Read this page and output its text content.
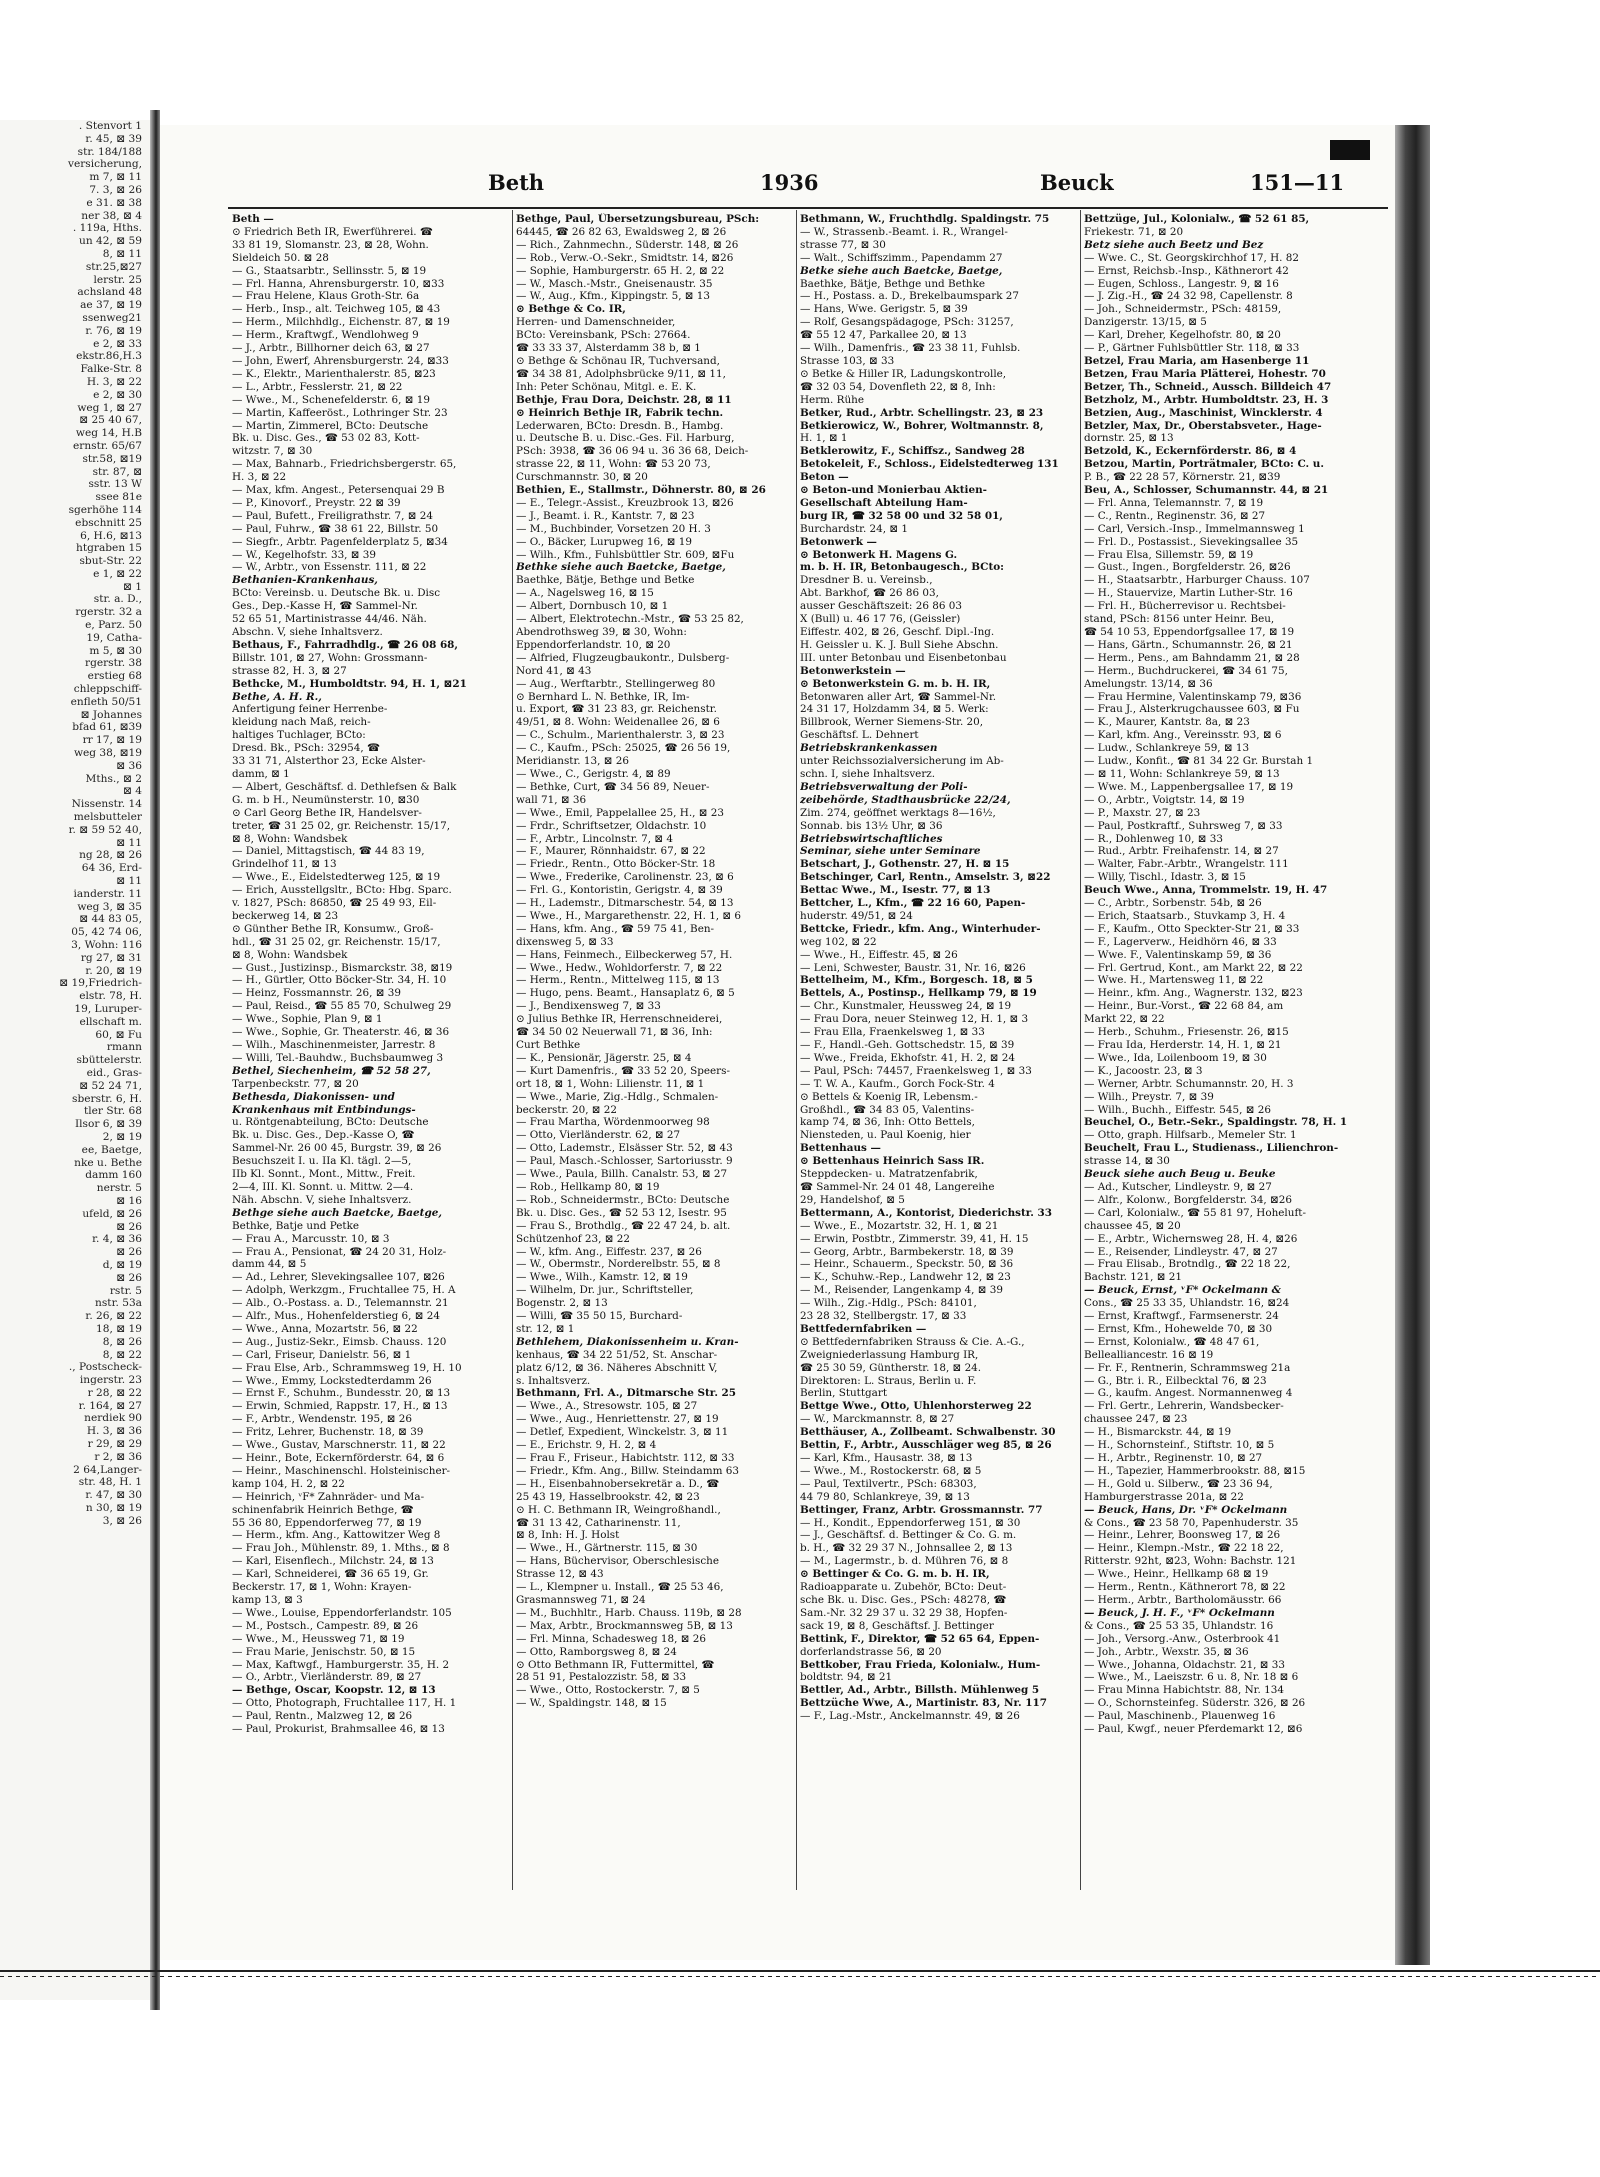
. Stenvort 1
r. 45, ⊠ 39
str. 184/188
versicherung,
m 7, ⊠ 11
7. 3, ⊠ 26
e 31. ⊠ 38
ner 38, ⊠ 4
. 119a, Hths.
un 42, ⊠ 59
8, ⊠ 11
str.25,⊠27
lerstr. 25
achsland 48
ae 37, ⊠ 19
ssenweg21
r. 76, ⊠ 19
e 2, ⊠ 33
ekstr.86,H.3
Falke-Str. 8
H. 3, ⊠ 22
e 2, ⊠ 30
weg 1, ⊠ 27
⊠ 25 40 67,
weg 14, H.B
ernstr. 65/67
str.58, ⊠19
str. 87, ⊠
sstr. 13 W
ssee 81e
sgerhöhe 114
ebschnitt 25
6, H.6, ⊠13
htgraben 15
sbut-Str. 22
e 1, ⊠ 22
⊠ 1
str. a. D.,
rgerstr. 32 a
e, Parz. 50
19, Catha-
m 5, ⊠ 30
rgerstr. 38
erstieg 68
chleppschiff-
enfleth 50/51
⊠ Johannes
bfad 61, ⊠39
rr 17, ⊠ 19
weg 38, ⊠19
⊠ 36
Mths., ⊠ 2
⊠ 4
Nissenstr. 14
melsbutteler
r. ⊠ 59 52 40,
⊠ 11
ng 28, ⊠ 26
64 36, Erd-
⊠ 11
ianderstr. 11
weg 3, ⊠ 35
⊠ 44 83 05,
05, 42 74 06,
3, Wohn: 116
rg 27, ⊠ 31
r. 20, ⊠ 19
⊠ 19,Friedrich-
elstr. 78, H.
19, Luruper-
ellschaft m.
60, ⊠ Fu
rmann
sbüttelerstr.
eid., Gras-
⊠ 52 24 71,
sberstr. 6, H.
tler Str. 68
Ilsor 6, ⊠ 39
2, ⊠ 19
ee, Baetge,
nke u. Bethe
damm 160
nerstr. 5
⊠ 16
ufeld, ⊠ 26
⊠ 26
r. 4, ⊠ 36
⊠ 26
d, ⊠ 19
⊠ 26
rstr. 5
nstr. 53a
r. 26, ⊠ 22
18, ⊠ 19
8, ⊠ 26
8, ⊠ 22
., Postscheck-
ingerstr. 23
r 28, ⊠ 22
r. 164, ⊠ 27
nerdiek 90
H. 3, ⊠ 36
r 29, ⊠ 29
r 2, ⊠ 36
2 64,Langer-
str. 48, H. 1
r. 47, ⊠ 30
n 30, ⊠ 19
3, ⊠ 26
Beth	1936	Beuck	151—11
Beth —
⊙ Friedrich Beth IR, Ewerführerei. ☎
33 81 19, Slomanstr. 23, ⊠ 28, Wohn.
Sieldeich 50. ⊠ 28
— G., Staatsarbtr., Sellinsstr. 5, ⊠ 19
— Frl. Hanna, Ahrensburgerstr. 10, ⊠33
— Frau Helene, Klaus Groth-Str. 6a
— Herb., Insp., alt. Teichweg 105, ⊠ 43
— Herm., Milchhdlg., Eichenstr. 87, ⊠ 19
— Herm., Kraftwgf., Wendlohweg 9
— J., Arbtr., Billhorner deich 63, ⊠ 27
— John, Ewerf, Ahrensburgerstr. 24, ⊠33
— K., Elektr., Marienthalerstr. 85, ⊠23
— L., Arbtr., Fesslerstr. 21, ⊠ 22
— Wwe., M., Schenefelderstr. 6, ⊠ 19
— Martin, Kaffeeröst., Lothringer Str. 23
— Martin, Zimmerel, BCto: Deutsche
Bk. u. Disc. Ges., ☎ 53 02 83, Kott-
witzstr. 7, ⊠ 30
— Max, Bahnarb., Friedrichsbergerstr. 65,
H. 3, ⊠ 22
— Max, kfm. Angest., Petersenquai 29 B
— P., Kinovorf., Preystr. 22 ⊠ 39
— Paul, Bufett., Freiligrathstr. 7, ⊠ 24
— Paul, Fuhrw., ☎ 38 61 22, Billstr. 50
— Siegfr., Arbtr. Pagenfelderplatz 5, ⊠34
— W., Kegelhofstr. 33, ⊠ 39
— W., Arbtr., von Essenstr. 111, ⊠ 22
Bethanien-Krankenhaus,
BCto: Vereinsb. u. Deutsche Bk. u. Disc
Ges., Dep.-Kasse H, ☎ Sammel-Nr.
52 65 51, Martinistrasse 44/46. Näh.
Abschn. V, siehe Inhaltsverz.
Bethaus, F., Fahrradhdlg., ☎ 26 08 68,
Billstr. 101, ⊠ 27, Wohn: Grossmann-
strasse 82, H. 3, ⊠ 27
Bethcke, M., Humboldtstr. 94, H. 1, ⊠21
Bethe, A. H. R.,
Anfertigung feiner Herrenbe-
kleidung nach Maß, reich-
haltiges Tuchlager, BCto:
Dresd. Bk., PSch: 32954, ☎
33 31 71, Alsterthor 23, Ecke Alster-
damm, ⊠ 1
— Albert, Geschäftsf. d. Dethlefsen & Balk
G. m. b H., Neumünsterstr. 10, ⊠30
⊙ Carl Georg Bethe IR, Handelsver-
treter, ☎ 31 25 02, gr. Reichenstr. 15/17,
⊠ 8, Wohn: Wandsbek
— Daniel, Mittagstisch, ☎ 44 83 19,
Grindelhof 11, ⊠ 13
— Wwe., E., Eidelstedterweg 125, ⊠ 19
— Erich, Ausstellgsltr., BCto: Hbg. Sparc.
v. 1827, PSch: 86850, ☎ 25 49 93, Eil-
beckerweg 14, ⊠ 23
⊙ Günther Bethe IR, Konsumw., Groß-
hdl., ☎ 31 25 02, gr. Reichenstr. 15/17,
⊠ 8, Wohn: Wandsbek
— Gust., Justizinsp., Bismarckstr. 38, ⊠19
— H., Gürtler, Otto Böcker-Str. 34, H. 10
— Heinz, Fossmannstr. 26, ⊠ 39
— Paul, Reisd., ☎ 55 85 70, Schulweg 29
— Wwe., Sophie, Plan 9, ⊠ 1
— Wwe., Sophie, Gr. Theaterstr. 46, ⊠ 36
— Wilh., Maschinenmeister, Jarrestr. 8
— Willi, Tel.-Bauhdw., Buchsbaumweg 3
Bethel, Siechenheim, ☎ 52 58 27,
Tarpenbeckstr. 77, ⊠ 20
Bethesda, Diakonissen- und
Krankenhaus mit Entbindungs-
u. Röntgenabteilung, BCto: Deutsche
Bk. u. Disc. Ges., Dep.-Kasse O, ☎
Sammel-Nr. 26 00 45, Burgstr. 39, ⊠ 26
Besuchszeit I. u. IIa Kl. tägl. 2—5,
IIb Kl. Sonnt., Mont., Mittw., Freit.
2—4, III. Kl. Sonnt. u. Mittw. 2—4.
Näh. Abschn. V, siehe Inhaltsverz.
Bethge siehe auch Baetcke, Baetge,
Bethke, Batje und Petke
— Frau A., Marcusstr. 10, ⊠ 3
— Frau A., Pensionat, ☎ 24 20 31, Holz-
damm 44, ⊠ 5
— Ad., Lehrer, Slevekingsallee 107, ⊠26
— Adolph, Werkzgm., Fruchtallee 75, H. A
— Alb., O.-Postass. a. D., Telemannstr. 21
— Alfr., Mus., Hohenfelderstieg 6, ⊠ 24
— Wwe., Anna, Mozartstr. 56, ⊠ 22
— Aug., Justiz-Sekr., Eimsb. Chauss. 120
— Carl, Friseur, Danielstr. 56, ⊠ 1
— Frau Else, Arb., Schrammsweg 19, H. 10
— Wwe., Emmy, Lockstedterdamm 26
— Ernst F., Schuhm., Bundesstr. 20, ⊠ 13
— Erwin, Schmied, Rappstr. 17, H., ⊠ 13
— F., Arbtr., Wendenstr. 195, ⊠ 26
— Fritz, Lehrer, Buchenstr. 18, ⊠ 39
— Wwe., Gustav, Marschnerstr. 11, ⊠ 22
— Heinr., Bote, Eckernförderstr. 64, ⊠ 6
— Heinr., Maschinenschl. Holsteinischer-
kamp 104, H. 2, ⊠ 22
— Heinrich, ᵛF* Zahnräder- und Ma-
schinenfabrik Heinrich Bethge, ☎
55 36 80, Eppendorferweg 77, ⊠ 19
— Herm., kfm. Ang., Kattowitzer Weg 8
— Frau Joh., Mühlenstr. 89, 1. Mths., ⊠ 8
— Karl, Eisenflech., Milchstr. 24, ⊠ 13
— Karl, Schneiderei, ☎ 36 65 19, Gr.
Beckerstr. 17, ⊠ 1, Wohn: Krayen-
kamp 13, ⊠ 3
— Wwe., Louise, Eppendorferlandstr. 105
— M., Postsch., Campestr. 89, ⊠ 26
— Wwe., M., Heussweg 71, ⊠ 19
— Frau Marie, Jenischstr. 50, ⊠ 15
— Max, Kaftwgf., Hamburgerstr. 35, H. 2
— O., Arbtr., Vierländerstr. 89, ⊠ 27
— Bethge, Oscar, Koopstr. 12, ⊠ 13
— Otto, Photograph, Fruchtallee 117, H. 1
— Paul, Rentn., Malzweg 12, ⊠ 26
— Paul, Prokurist, Brahmsallee 46, ⊠ 13
Bethge, Paul, Übersetzungsbureau, PSch:
64445, ☎ 26 82 63, Ewaldsweg 2, ⊠ 26
— Rich., Zahnmechn., Süderstr. 148, ⊠ 26
— Rob., Verw.-O.-Sekr., Smidtstr. 14, ⊠26
— Sophie, Hamburgerstr. 65 H. 2, ⊠ 22
— W., Masch.-Mstr., Gneisenaustr. 35
— W., Aug., Kfm., Kippingstr. 5, ⊠ 13
⊙ Bethge & Co. IR,
Herren- und Damenschneider,
BCto: Vereinsbank, PSch: 27664.
☎ 33 33 37, Alsterdamm 38 b, ⊠ 1
⊙ Bethge & Schönau IR, Tuchversand,
☎ 34 38 81, Adolphsbrücke 9/11, ⊠ 11,
Inh: Peter Schönau, Mitgl. e. E. K.
Bethje, Frau Dora, Deichstr. 28, ⊠ 11
⊙ Heinrich Bethje IR, Fabrik techn.
Lederwaren, BCto: Dresdn. B., Hambg.
u. Deutsche B. u. Disc.-Ges. Fil. Harburg,
PSch: 3938, ☎ 36 06 94 u. 36 36 68, Deich-
strasse 22, ⊠ 11, Wohn: ☎ 53 20 73,
Curschmannstr. 30, ⊠ 20
Bethien, E., Stallmstr., Döhnerstr. 80, ⊠ 26
— E., Telegr.-Assist., Kreuzbrook 13, ⊠26
— J., Beamt. i. R., Kantstr. 7, ⊠ 23
— M., Buchbinder, Vorsetzen 20 H. 3
— O., Bäcker, Lurupweg 16, ⊠ 19
— Wilh., Kfm., Fuhlsbüttler Str. 609, ⊠Fu
Bethke siehe auch Baetcke, Baetge,
Baethke, Bätje, Bethge und Betke
— A., Nagelsweg 16, ⊠ 15
— Albert, Dornbusch 10, ⊠ 1
— Albert, Elektrotechn.-Mstr., ☎ 53 25 82,
Abendrothsweg 39, ⊠ 30, Wohn:
Eppendorferlandstr. 10, ⊠ 20
— Alfried, Flugzeugbaukontr., Dulsberg-
Nord 41, ⊠ 43
— Aug., Werftarbtr., Stellingerweg 80
⊙ Bernhard L. N. Bethke, IR, Im-
u. Export, ☎ 31 23 83, gr. Reichenstr.
49/51, ⊠ 8. Wohn: Weidenallee 26, ⊠ 6
— C., Schulm., Marienthalerstr. 3, ⊠ 23
— C., Kaufm., PSch: 25025, ☎ 26 56 19,
Meridianstr. 13, ⊠ 26
— Wwe., C., Gerigstr. 4, ⊠ 89
— Bethke, Curt, ☎ 34 56 89, Neuer-
wall 71, ⊠ 36
— Wwe., Emil, Pappelallee 25, H., ⊠ 23
— Frdr., Schriftsetzer, Oldachstr. 10
— F., Arbtr., Lincolnstr. 7, ⊠ 4
— F., Maurer, Rönnhaidstr. 67, ⊠ 22
— Friedr., Rentn., Otto Böcker-Str. 18
— Wwe., Frederike, Carolinenstr. 23, ⊠ 6
— Frl. G., Kontoristin, Gerigstr. 4, ⊠ 39
— H., Lademstr., Ditmarschestr. 54, ⊠ 13
— Wwe., H., Margarethenstr. 22, H. 1, ⊠ 6
— Hans, kfm. Ang., ☎ 59 75 41, Ben-
dixensweg 5, ⊠ 33
— Hans, Feinmech., Eilbeckerweg 57, H.
— Wwe., Hedw., Wohldorferstr. 7, ⊠ 22
— Herm., Rentn., Mittelweg 115, ⊠ 13
— Hugo, pens. Beamt., Hansaplatz 6, ⊠ 5
— J., Bendixensweg 7, ⊠ 33
⊙ Julius Bethke IR, Herrenschneiderei,
☎ 34 50 02 Neuerwall 71, ⊠ 36, Inh:
Curt Bethke
— K., Pensionär, Jägerstr. 25, ⊠ 4
— Kurt Damenfris., ☎ 33 52 20, Speers-
ort 18, ⊠ 1, Wohn: Lilienstr. 11, ⊠ 1
— Wwe., Marie, Zig.-Hdlg., Schmalen-
beckerstr. 20, ⊠ 22
— Frau Martha, Wördenmoorweg 98
— Otto, Vierländerstr. 62, ⊠ 27
— Otto, Lademstr., Elsässer Str. 52, ⊠ 43
— Paul, Masch.-Schlosser, Sartoriusstr. 9
— Wwe., Paula, Billh. Canalstr. 53, ⊠ 27
— Rob., Hellkamp 80, ⊠ 19
— Rob., Schneidermstr., BCto: Deutsche
Bk. u. Disc. Ges., ☎ 52 53 12, Isestr. 95
— Frau S., Brothdlg., ☎ 22 47 24, b. alt.
Schützenhof 23, ⊠ 22
— W., kfm. Ang., Eiffestr. 237, ⊠ 26
— W., Obermstr., Norderelbstr. 55, ⊠ 8
— Wwe., Wilh., Kamstr. 12, ⊠ 19
— Wilhelm, Dr. jur., Schriftsteller,
Bogenstr. 2, ⊠ 13
— Willi, ☎ 35 50 15, Burchard-
str. 12, ⊠ 1
Bethlehem, Diakonissenheim u. Kran-
kenhaus, ☎ 34 22 51/52, St. Anschar-
platz 6/12, ⊠ 36. Näheres Abschnitt V,
s. Inhaltsverz.
Bethmann, Frl. A., Ditmarsche Str. 25
— Wwe., A., Stresowstr. 105, ⊠ 27
— Wwe., Aug., Henriettenstr. 27, ⊠ 19
— Detlef, Expedient, Winckelstr. 3, ⊠ 11
— E., Erichstr. 9, H. 2, ⊠ 4
— Frau F., Friseur., Habichtstr. 112, ⊠ 33
— Friedr., Kfm. Ang., Billw. Steindamm 63
— H., Eisenbahnobersekretär a. D., ☎
25 43 19, Hasselbrookstr. 42, ⊠ 23
⊙ H. C. Bethmann IR, Weingroßhandl.,
☎ 31 13 42, Catharinenstr. 11,
⊠ 8, Inh: H. J. Holst
— Wwe., H., Gärtnerstr. 115, ⊠ 30
— Hans, Büchervisor, Oberschlesische
Strasse 12, ⊠ 43
— L., Klempner u. Install., ☎ 25 53 46,
Grasmannsweg 71, ⊠ 24
— M., Buchhltr., Harb. Chauss. 119b, ⊠ 28
— Max, Arbtr., Brockmannsweg 5B, ⊠ 13
— Frl. Minna, Schadesweg 18, ⊠ 26
— Otto, Ramborgsweg 8, ⊠ 24
⊙ Otto Bethmann IR, Futtermittel, ☎
28 51 91, Pestalozzistr. 58, ⊠ 33
— Wwe., Otto, Rostockerstr. 7, ⊠ 5
— W., Spaldingstr. 148, ⊠ 15
Bethmann, W., Fruchthdlg. Spaldingstr. 75
— W., Strassenb.-Beamt. i. R., Wrangel-
strasse 77, ⊠ 30
— Walt., Schiffszimm., Papendamm 27
Betke siehe auch Baetcke, Baetge,
Baethke, Bätje, Bethge und Bethke
— H., Postass. a. D., Brekelbaumspark 27
— Hans, Wwe. Gerigstr. 5, ⊠ 39
— Rolf, Gesangspädagoge, PSch: 31257,
☎ 55 12 47, Parkallee 20, ⊠ 13
— Wilh., Damenfris., ☎ 23 38 11, Fuhlsb.
Strasse 103, ⊠ 33
⊙ Betke & Hiller IR, Ladungskontrolle,
☎ 32 03 54, Dovenfleth 22, ⊠ 8, Inh:
Herm. Rühe
Betker, Rud., Arbtr. Schellingstr. 23, ⊠ 23
Betkierowicz, W., Bohrer, Woltmannstr. 8,
H. 1, ⊠ 1
Betklerowitz, F., Schiffsz., Sandweg 28
Betokeleit, F., Schloss., Eidelstedterweg 131
Beton —
⊙ Beton-und Monierbau Aktien-
Gesellschaft Abteilung Ham-
burg IR, ☎ 32 58 00 und 32 58 01,
Burchardstr. 24, ⊠ 1
Betonwerk —
⊙ Betonwerk H. Magens G.
m. b. H. IR, Betonbaugesch., BCto:
Dresdner B. u. Vereinsb.,
Abt. Barkhof, ☎ 26 86 03,
ausser Geschäftszeit: 26 86 03
X (Bull) u. 46 17 76, (Geissler)
Eiffestr. 402, ⊠ 26, Geschf. Dipl.-Ing.
H. Geissler u. K. J. Bull Siehe Abschn.
III. unter Betonbau und Eisenbetonbau
Betonwerkstein —
⊙ Betonwerkstein G. m. b. H. IR,
Betonwaren aller Art, ☎ Sammel-Nr.
24 31 17, Holzdamm 34, ⊠ 5. Werk:
Billbrook, Werner Siemens-Str. 20,
Geschäftsf. L. Dehnert
Betriebskrankenkassen
unter Reichssozialversicherung im Ab-
schn. I, siehe Inhaltsverz.
Betriebsverwaltung der Poli-
zeibehörde, Stadthausbrücke 22/24,
Zim. 274, geöffnet werktags 8—16½,
Sonnab. bis 13½ Uhr, ⊠ 36
Betriebswirtschaftliches
Seminar, siehe unter Seminare
Betschart, J., Gothenstr. 27, H. ⊠ 15
Betschinger, Carl, Rentn., Amselstr. 3, ⊠22
Bettac Wwe., M., Isestr. 77, ⊠ 13
Bettcher, L., Kfm., ☎ 22 16 60, Papen-
huderstr. 49/51, ⊠ 24
Bettcke, Friedr., kfm. Ang., Winterhuder-
weg 102, ⊠ 22
— Wwe., H., Eiffestr. 45, ⊠ 26
— Leni, Schwester, Baustr. 31, Nr. 16, ⊠26
Bettelheim, M., Kfm., Borgesch. 18, ⊠ 5
Bettels, A., Postinsp., Hellkamp 79, ⊠ 19
— Chr., Kunstmaler, Heussweg 24, ⊠ 19
— Frau Dora, neuer Steinweg 12, H. 1, ⊠ 3
— Frau Ella, Fraenkelsweg 1, ⊠ 33
— F., Handl.-Geh. Gottschedstr. 15, ⊠ 39
— Wwe., Freida, Ekhofstr. 41, H. 2, ⊠ 24
— Paul, PSch: 74457, Fraenkelsweg 1, ⊠ 33
— T. W. A., Kaufm., Gorch Fock-Str. 4
⊙ Bettels & Koenig IR, Lebensm.-
Großhdl., ☎ 34 83 05, Valentins-
kamp 74, ⊠ 36, Inh: Otto Bettels,
Niensteden, u. Paul Koenig, hier
Bettenhaus —
⊙ Bettenhaus Heinrich Sass IR.
Steppdecken- u. Matratzenfabrik,
☎ Sammel-Nr. 24 01 48, Langereihe
29, Handelshof, ⊠ 5
Bettermann, A., Kontorist, Diederichstr. 33
— Wwe., E., Mozartstr. 32, H. 1, ⊠ 21
— Erwin, Postbtr., Zimmerstr. 39, 41, H. 15
— Georg, Arbtr., Barmbekerstr. 18, ⊠ 39
— Heinr., Schauerm., Speckstr. 50, ⊠ 36
— K., Schuhw.-Rep., Landwehr 12, ⊠ 23
— M., Reisender, Langenkamp 4, ⊠ 39
— Wilh., Zig.-Hdlg., PSch: 84101,
23 28 32, Stellbergstr. 17, ⊠ 33
Bettfedernfabriken —
⊙ Bettfedernfabriken Strauss & Cie. A.-G.,
Zweigniederlassung Hamburg IR,
☎ 25 30 59, Güntherstr. 18, ⊠ 24.
Direktoren: L. Straus, Berlin u. F.
Berlin, Stuttgart
Bettge Wwe., Otto, Uhlenhorsterweg 22
— W., Marckmannstr. 8, ⊠ 27
Betthäuser, A., Zollbeamt. Schwalbenstr. 30
Bettin, F., Arbtr., Ausschläger weg 85, ⊠ 26
— Karl, Kfm., Hausastr. 38, ⊠ 13
— Wwe., M., Rostockerstr. 68, ⊠ 5
— Paul, Textilvertr., PSch: 68303,
44 79 80, Schlankreye, 39, ⊠ 13
Bettinger, Franz, Arbtr. Grossmannstr. 77
— H., Kondit., Eppendorferweg 151, ⊠ 30
— J., Geschäftsf. d. Bettinger & Co. G. m.
b. H., ☎ 32 29 37 N., Johnsallee 2, ⊠ 13
— M., Lagermstr., b. d. Mühren 76, ⊠ 8
⊙ Bettinger & Co. G. m. b. H. IR,
Radioapparate u. Zubehör, BCto: Deut-
sche Bk. u. Disc. Ges., PSch: 48278, ☎
Sam.-Nr. 32 29 37 u. 32 29 38, Hopfen-
sack 19, ⊠ 8, Geschäftsf. J. Bettinger
Bettink, F., Direktor, ☎ 52 65 64, Eppen-
dorferlandstrasse 56, ⊠ 20
Bettkober, Frau Frieda, Kolonialw., Hum-
boldtstr. 94, ⊠ 21
Bettler, Ad., Arbtr., Billsth. Mühlenweg 5
Bettzüche Wwe, A., Martinistr. 83, Nr. 117
— F., Lag.-Mstr., Anckelmannstr. 49, ⊠ 26
Bettzüge, Jul., Kolonialw., ☎ 52 61 85,
Friekestr. 71, ⊠ 20
Betz siehe auch Beetz und Bez
— Wwe. C., St. Georgskirchhof 17, H. 82
— Ernst, Reichsb.-Insp., Käthnerort 42
— Eugen, Schloss., Langestr. 9, ⊠ 16
— J. Zig.-H., ☎ 24 32 98, Capellenstr. 8
— Joh., Schneidermstr., PSch: 48159,
Danzigerstr. 13/15, ⊠ 5
— Karl, Dreher, Kegelhofstr. 80, ⊠ 20
— P., Gärtner Fuhlsbüttler Str. 118, ⊠ 33
Betzel, Frau Maria, am Hasenberge 11
Betzen, Frau Maria Plätterei, Hohestr. 70
Betzer, Th., Schneid., Aussch. Billdeich 47
Betzholz, M., Arbtr. Humboldtstr. 23, H. 3
Betzien, Aug., Maschinist, Wincklerstr. 4
Betzler, Max, Dr., Oberstabsveter., Hage-
dornstr. 25, ⊠ 13
Betzold, K., Eckernförderstr. 86, ⊠ 4
Betzou, Martin, Porträtmaler, BCto: C. u.
P. B., ☎ 22 28 57, Körnerstr. 21, ⊠39
Beu, A., Schlosser, Schumannstr. 44, ⊠ 21
— Frl. Anna, Telemannstr. 7, ⊠ 19
— C., Rentn., Reginenstr. 36, ⊠ 27
— Carl, Versich.-Insp., Immelmannsweg 1
— Frl. D., Postassist., Sievekingsallee 35
— Frau Elsa, Sillemstr. 59, ⊠ 19
— Gust., Ingen., Borgfelderstr. 26, ⊠26
— H., Staatsarbtr., Harburger Chauss. 107
— H., Stauervize, Martin Luther-Str. 16
— Frl. H., Bücherrevisor u. Rechtsbei-
stand, PSch: 8156 unter Heinr. Beu,
☎ 54 10 53, Eppendorfgsallee 17, ⊠ 19
— Hans, Gärtn., Schumannstr. 26, ⊠ 21
— Herm., Pens., am Bahndamm 21, ⊠ 28
— Herm., Buchdruckerei, ☎ 34 61 75,
Amelungstr. 13/14, ⊠ 36
— Frau Hermine, Valentinskamp 79, ⊠36
— Frau J., Alsterkrugchaussee 603, ⊠ Fu
— K., Maurer, Kantstr. 8a, ⊠ 23
— Karl, kfm. Ang., Vereinsstr. 93, ⊠ 6
— Ludw., Schlankreye 59, ⊠ 13
— Ludw., Konfit., ☎ 81 34 22 Gr. Burstah 1
— ⊠ 11, Wohn: Schlankreye 59, ⊠ 13
— Wwe. M., Lappenbergsallee 17, ⊠ 19
— O., Arbtr., Voigtstr. 14, ⊠ 19
— P., Maxstr. 27, ⊠ 23
— Paul, Postkraftf., Suhrsweg 7, ⊠ 33
— R., Dohlenweg 10, ⊠ 33
— Rud., Arbtr. Freihafenstr. 14, ⊠ 27
— Walter, Fabr.-Arbtr., Wrangelstr. 111
— Willy, Tischl., Idastr. 3, ⊠ 15
Beuch Wwe., Anna, Trommelstr. 19, H. 47
— C., Arbtr., Sorbenstr. 54b, ⊠ 26
— Erich, Staatsarb., Stuvkamp 3, H. 4
— F., Kaufm., Otto Speckter-Str 21, ⊠ 33
— F., Lagerverw., Heidhörn 46, ⊠ 33
— Wwe. F., Valentinskamp 59, ⊠ 36
— Frl. Gertrud, Kont., am Markt 22, ⊠ 22
— Wwe. H., Martensweg 11, ⊠ 22
— Heinr., kfm. Ang., Wagnerstr. 132, ⊠23
— Heinr., Bur.-Vorst., ☎ 22 68 84, am
Markt 22, ⊠ 22
— Herb., Schuhm., Friesenstr. 26, ⊠15
— Frau Ida, Herderstr. 14, H. 1, ⊠ 21
— Wwe., Ida, Loilenboom 19, ⊠ 30
— K., Jacoostr. 23, ⊠ 3
— Werner, Arbtr. Schumannstr. 20, H. 3
— Wilh., Preystr. 7, ⊠ 39
— Wilh., Buchh., Eiffestr. 545, ⊠ 26
Beuchel, O., Betr.-Sekr., Spaldingstr. 78, H. 1
— Otto, graph. Hilfsarb., Memeler Str. 1
Beuchelt, Frau L., Studienass., Lilienchron-
strasse 14, ⊠ 30
Beuck siehe auch Beug u. Beuke
— Ad., Kutscher, Lindleystr. 9, ⊠ 27
— Alfr., Kolonw., Borgfelderstr. 34, ⊠26
— Carl, Kolonialw., ☎ 55 81 97, Hoheluft-
chaussee 45, ⊠ 20
— E., Arbtr., Wichernsweg 28, H. 4, ⊠26
— E., Reisender, Lindleystr. 47, ⊠ 27
— Frau Elisab., Brotndlg., ☎ 22 18 22,
Bachstr. 121, ⊠ 21
— Beuck, Ernst, ᵛF* Ockelmann &
Cons., ☎ 25 33 35, Uhlandstr. 16, ⊠24
— Ernst, Kraftwgf., Farmsenerstr. 24
— Ernst, Kfm., Hohewelde 70, ⊠ 30
— Ernst, Kolonialw., ☎ 48 47 61,
Bellealliancestr. 16 ⊠ 19
— Fr. F., Rentnerin, Schrammsweg 21a
— G., Btr. i. R., Eilbecktal 76, ⊠ 23
— G., kaufm. Angest. Normannenweg 4
— Frl. Gertr., Lehrerin, Wandsbecker-
chaussee 247, ⊠ 23
— H., Bismarckstr. 44, ⊠ 19
— H., Schornsteinf., Stiftstr. 10, ⊠ 5
— H., Arbtr., Reginenstr. 10, ⊠ 27
— H., Tapezier, Hammerbrookstr. 88, ⊠15
— H., Gold u. Silberw., ☎ 23 36 94,
Hamburgerstrasse 201a, ⊠ 22
— Beuck, Hans, Dr. ᵛF* Ockelmann
& Cons., ☎ 23 58 70, Papenhuderstr. 35
— Heinr., Lehrer, Boonsweg 17, ⊠ 26
— Heinr., Klempn.-Mstr., ☎ 22 18 22,
Ritterstr. 92ht, ⊠23, Wohn: Bachstr. 121
— Wwe., Heinr., Hellkamp 68 ⊠ 19
— Herm., Rentn., Käthnerort 78, ⊠ 22
— Herm., Arbtr., Bartholomäusstr. 66
— Beuck, J. H. F., ᵛF* Ockelmann
& Cons., ☎ 25 53 35, Uhlandstr. 16
— Joh., Versorg.-Anw., Osterbrook 41
— Joh., Arbtr., Wexstr. 35, ⊠ 36
— Wwe., Johanna, Oldachstr. 21, ⊠ 33
— Wwe., M., Laeiszstr. 6 u. 8, Nr. 18 ⊠ 6
— Frau Minna Habichtstr. 88, Nr. 134
— O., Schornsteinfeg. Süderstr. 326, ⊠ 26
— Paul, Maschinenb., Plauenweg 16
— Paul, Kwgf., neuer Pferdemarkt 12, ⊠6
